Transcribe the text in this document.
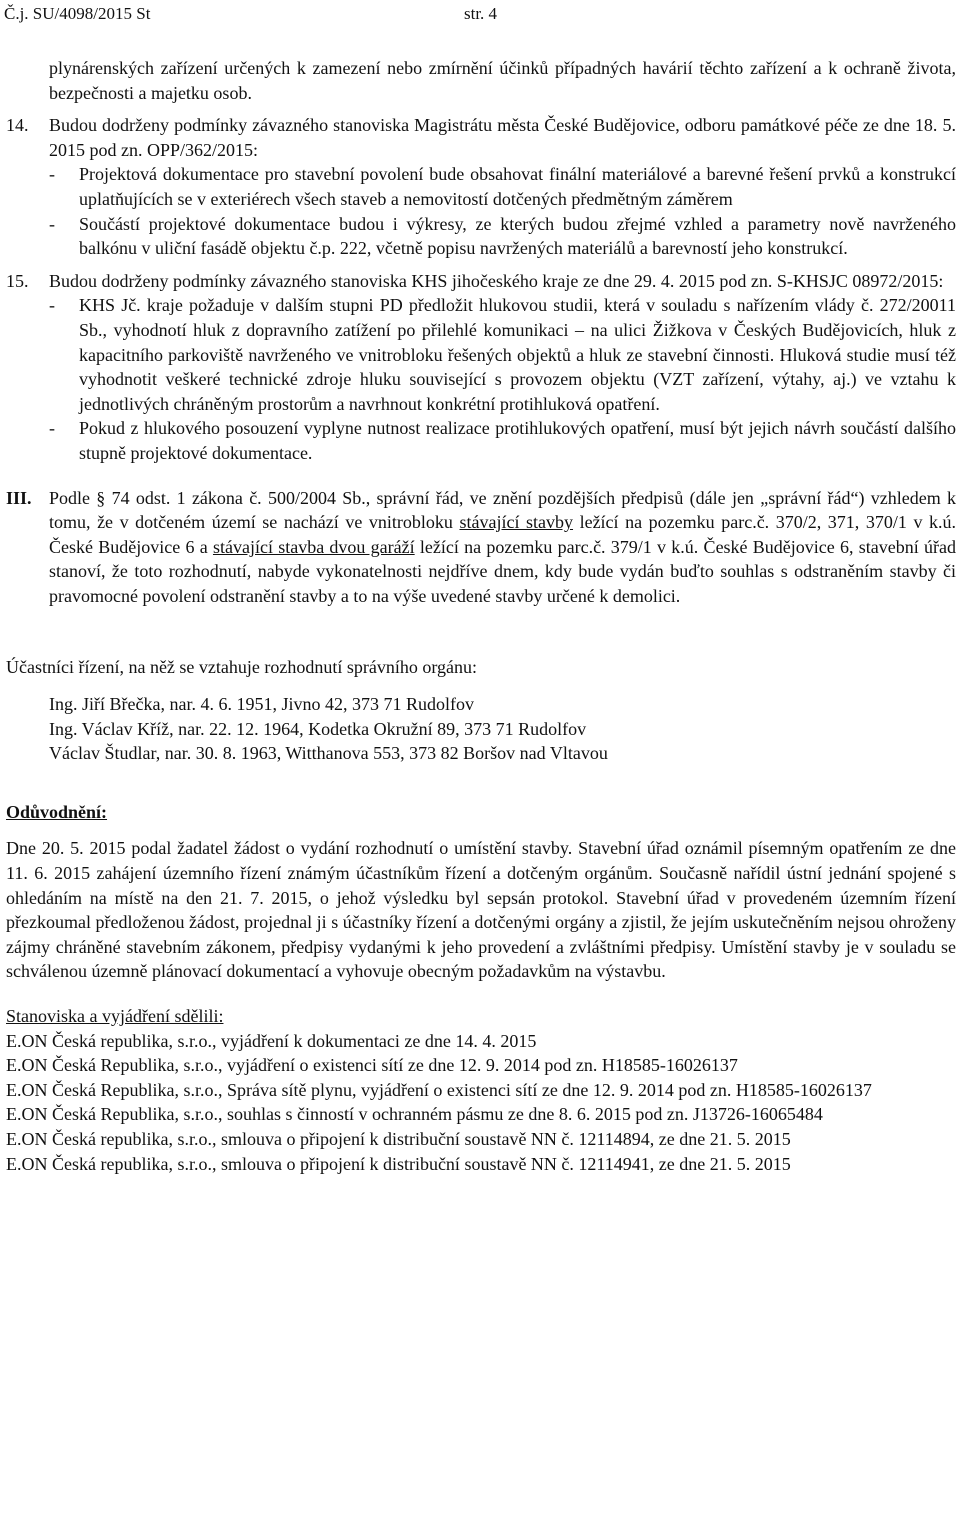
Č.j. SU/4098/2015 St	str. 4
plynárenských zařízení určených k zamezení nebo zmírnění účinků případných havárií těchto zařízení a k ochraně života, bezpečnosti a majetku osob.
14. Budou dodrženy podmínky závazného stanoviska Magistrátu města České Budějovice, odboru památkové péče ze dne 18. 5. 2015 pod zn. OPP/362/2015:
- Projektová dokumentace pro stavební povolení bude obsahovat finální materiálové a barevné řešení prvků a konstrukcí uplatňujících se v exteriérech všech staveb a nemovitostí dotčených předmětným záměrem
- Součástí projektové dokumentace budou i výkresy, ze kterých budou zřejmé vzhled a parametry nově navrženého balkónu v uliční fasádě objektu č.p. 222, včetně popisu navržených materiálů a barevností jeho konstrukcí.
15. Budou dodrženy podmínky závazného stanoviska KHS jihočeského kraje ze dne 29. 4. 2015 pod zn. S-KHSJC 08972/2015:
- KHS Jč. kraje požaduje v dalším stupni PD předložit hlukovou studii, která v souladu s nařízením vlády č. 272/20011 Sb., vyhodnotí hluk z dopravního zatížení po přilehlé komunikaci – na ulici Žižkova v Českých Budějovicích, hluk z kapacitního parkoviště navrženého ve vnitrobloku řešených objektů a hluk ze stavební činnosti. Hluková studie musí též vyhodnotit veškeré technické zdroje hluku související s provozem objektu (VZT zařízení, výtahy, aj.) ve vztahu k jednotlivých chráněným prostorům a navrhnout konkrétní protihluková opatření.
- Pokud z hlukového posouzení vyplyne nutnost realizace protihlukových opatření, musí být jejich návrh součástí dalšího stupně projektové dokumentace.
III. Podle § 74 odst. 1 zákona č. 500/2004 Sb., správní řád, ve znění pozdějších předpisů (dále jen „správní řád“) vzhledem k tomu, že v dotčeném území se nachází ve vnitrobloku stávající stavby ležící na pozemku parc.č. 370/2, 371, 370/1 v k.ú. České Budějovice 6 a stávající stavba dvou garáží ležící na pozemku parc.č. 379/1 v k.ú. České Budějovice 6, stavební úřad stanoví, že toto rozhodnutí, nabyde vykonatelnosti nejdříve dnem, kdy bude vydán buďto souhlas s odstraněním stavby či pravomocné povolení odstranění stavby a to na výše uvedené stavby určené k demolici.
Účastníci řízení, na něž se vztahuje rozhodnutí správního orgánu:
Ing. Jiří Břečka, nar. 4. 6. 1951, Jivno 42, 373 71 Rudolfov
Ing. Václav Kříž, nar. 22. 12. 1964, Kodetka Okružní 89, 373 71 Rudolfov
Václav Študlar, nar. 30. 8. 1963, Witthanova 553, 373 82 Boršov nad Vltavou
Odůvodnění:
Dne 20. 5. 2015 podal žadatel žádost o vydání rozhodnutí o umístění stavby. Stavební úřad oznámil písemným opatřením ze dne 11. 6. 2015 zahájení územního řízení známým účastníkům řízení a dotčeným orgánům. Současně nařídil ústní jednání spojené s ohledáním na místě na den 21. 7. 2015, o jehož výsledku byl sepsán protokol. Stavební úřad v provedeném územním řízení přezkoumal předloženou žádost, projednal ji s účastníky řízení a dotčenými orgány a zjistil, že jejím uskutečněním nejsou ohroženy zájmy chráněné stavebním zákonem, předpisy vydanými k jeho provedení a zvláštními předpisy. Umístění stavby je v souladu se schválenou územně plánovací dokumentací a vyhovuje obecným požadavkům na výstavbu.
Stanoviska a vyjádření sdělili:
E.ON Česká republika, s.r.o., vyjádření k dokumentaci ze dne 14. 4. 2015
E.ON Česká Republika, s.r.o., vyjádření o existenci sítí ze dne 12. 9. 2014 pod zn. H18585-16026137
E.ON Česká Republika, s.r.o., Správa sítě plynu, vyjádření o existenci sítí ze dne 12. 9. 2014 pod zn. H18585-16026137
E.ON Česká Republika, s.r.o., souhlas s činností v ochranném pásmu ze dne 8. 6. 2015 pod zn. J13726-16065484
E.ON Česká republika, s.r.o., smlouva o připojení k distribuční soustavě NN č. 12114894, ze dne 21. 5. 2015
E.ON Česká republika, s.r.o., smlouva o připojení k distribuční soustavě NN č. 12114941, ze dne 21. 5. 2015
